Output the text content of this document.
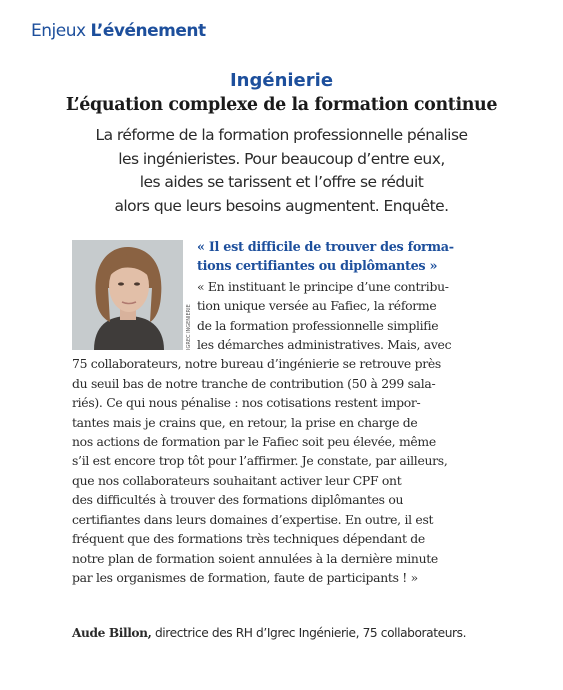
Enjeux L’événement
Ingénierie
L’équation complexe de la formation continue
La réforme de la formation professionnelle pénalise
les ingénieristes. Pour beaucoup d’entre eux,
les aides se tarissent et l’offre se réduit
alors que leurs besoins augmentent. Enquête.
IGREC INGENIERIE
« Il est difficile de trouver des forma-
tions certifiantes ou diplômantes »
« En instituant le principe d’une contribu-
tion unique versée au Fafiec, la réforme
de la formation professionnelle simplifie
les démarches administratives. Mais, avec
75 collaborateurs, notre bureau d’ingénierie se retrouve près
du seuil bas de notre tranche de contribution (50 à 299 sala-
riés). Ce qui nous pénalise : nos cotisations restent impor-
tantes mais je crains que, en retour, la prise en charge de
nos actions de formation par le Fafiec soit peu élevée, même
s’il est encore trop tôt pour l’affirmer. Je constate, par ailleurs,
que nos collaborateurs souhaitant activer leur CPF ont
des difficultés à trouver des formations diplômantes ou
certifiantes dans leurs domaines d’expertise. En outre, il est
fréquent que des formations très techniques dépendant de
notre plan de formation soient annulées à la dernière minute
par les organismes de formation, faute de participants ! »
Aude Billon, directrice des RH d’Igrec Ingénierie, 75 collaborateurs.
